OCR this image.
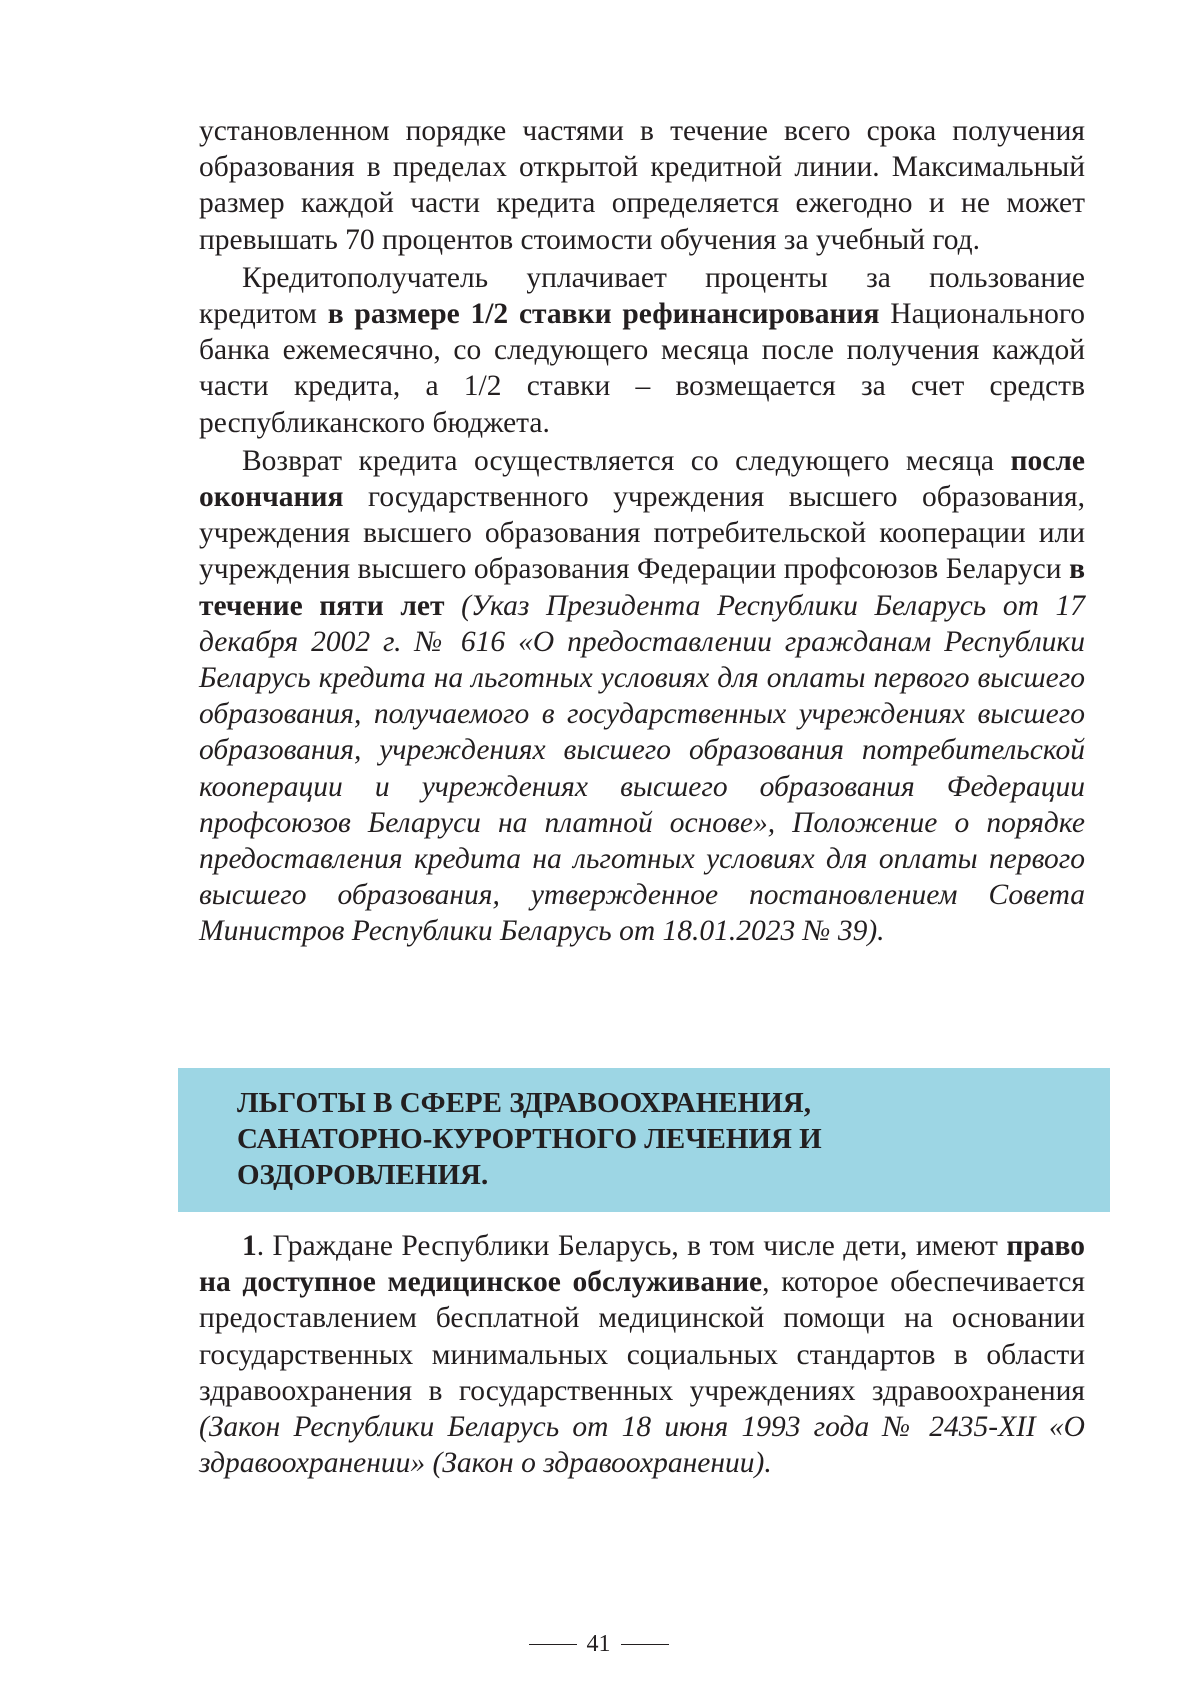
установленном порядке частями в течение всего срока получения образования в пределах открытой кредитной линии. Максимальный размер каждой части кредита определяется ежегодно и не может превышать 70 процентов стоимости обучения за учебный год.

Кредитополучатель уплачивает проценты за пользование кредитом в размере 1/2 ставки рефинансирования Национального банка ежемесячно, со следующего месяца после получения каждой части кредита, а 1/2 ставки – возмещается за счет средств республиканского бюджета.

Возврат кредита осуществляется со следующего месяца после окончания государственного учреждения высшего образования, учреждения высшего образования потребительской кооперации или учреждения высшего образования Федерации профсоюзов Беларуси в течение пяти лет (Указ Президента Республики Беларусь от 17 декабря 2002 г. № 616 «О предоставлении гражданам Республики Беларусь кредита на льготных условиях для оплаты первого высшего образования, получаемого в государственных учреждениях высшего образования, учреждениях высшего образования потребительской кооперации и учреждениях высшего образования Федерации профсоюзов Беларуси на платной основе», Положение о порядке предоставления кредита на льготных условиях для оплаты первого высшего образования, утвержденное постановлением Совета Министров Республики Беларусь от 18.01.2023 № 39).

ЛЬГОТЫ В СФЕРЕ ЗДРАВООХРАНЕНИЯ,
САНАТОРНО-КУРОРТНОГО ЛЕЧЕНИЯ И
ОЗДОРОВЛЕНИЯ.

1. Граждане Республики Беларусь, в том числе дети, имеют право на доступное медицинское обслуживание, которое обеспечивается предоставлением бесплатной медицинской помощи на основании государственных минимальных социальных стандартов в области здравоохранения в государственных учреждениях здравоохранения (Закон Республики Беларусь от 18 июня 1993 года № 2435-XII «О здравоохранении» (Закон о здравоохранении).

41
